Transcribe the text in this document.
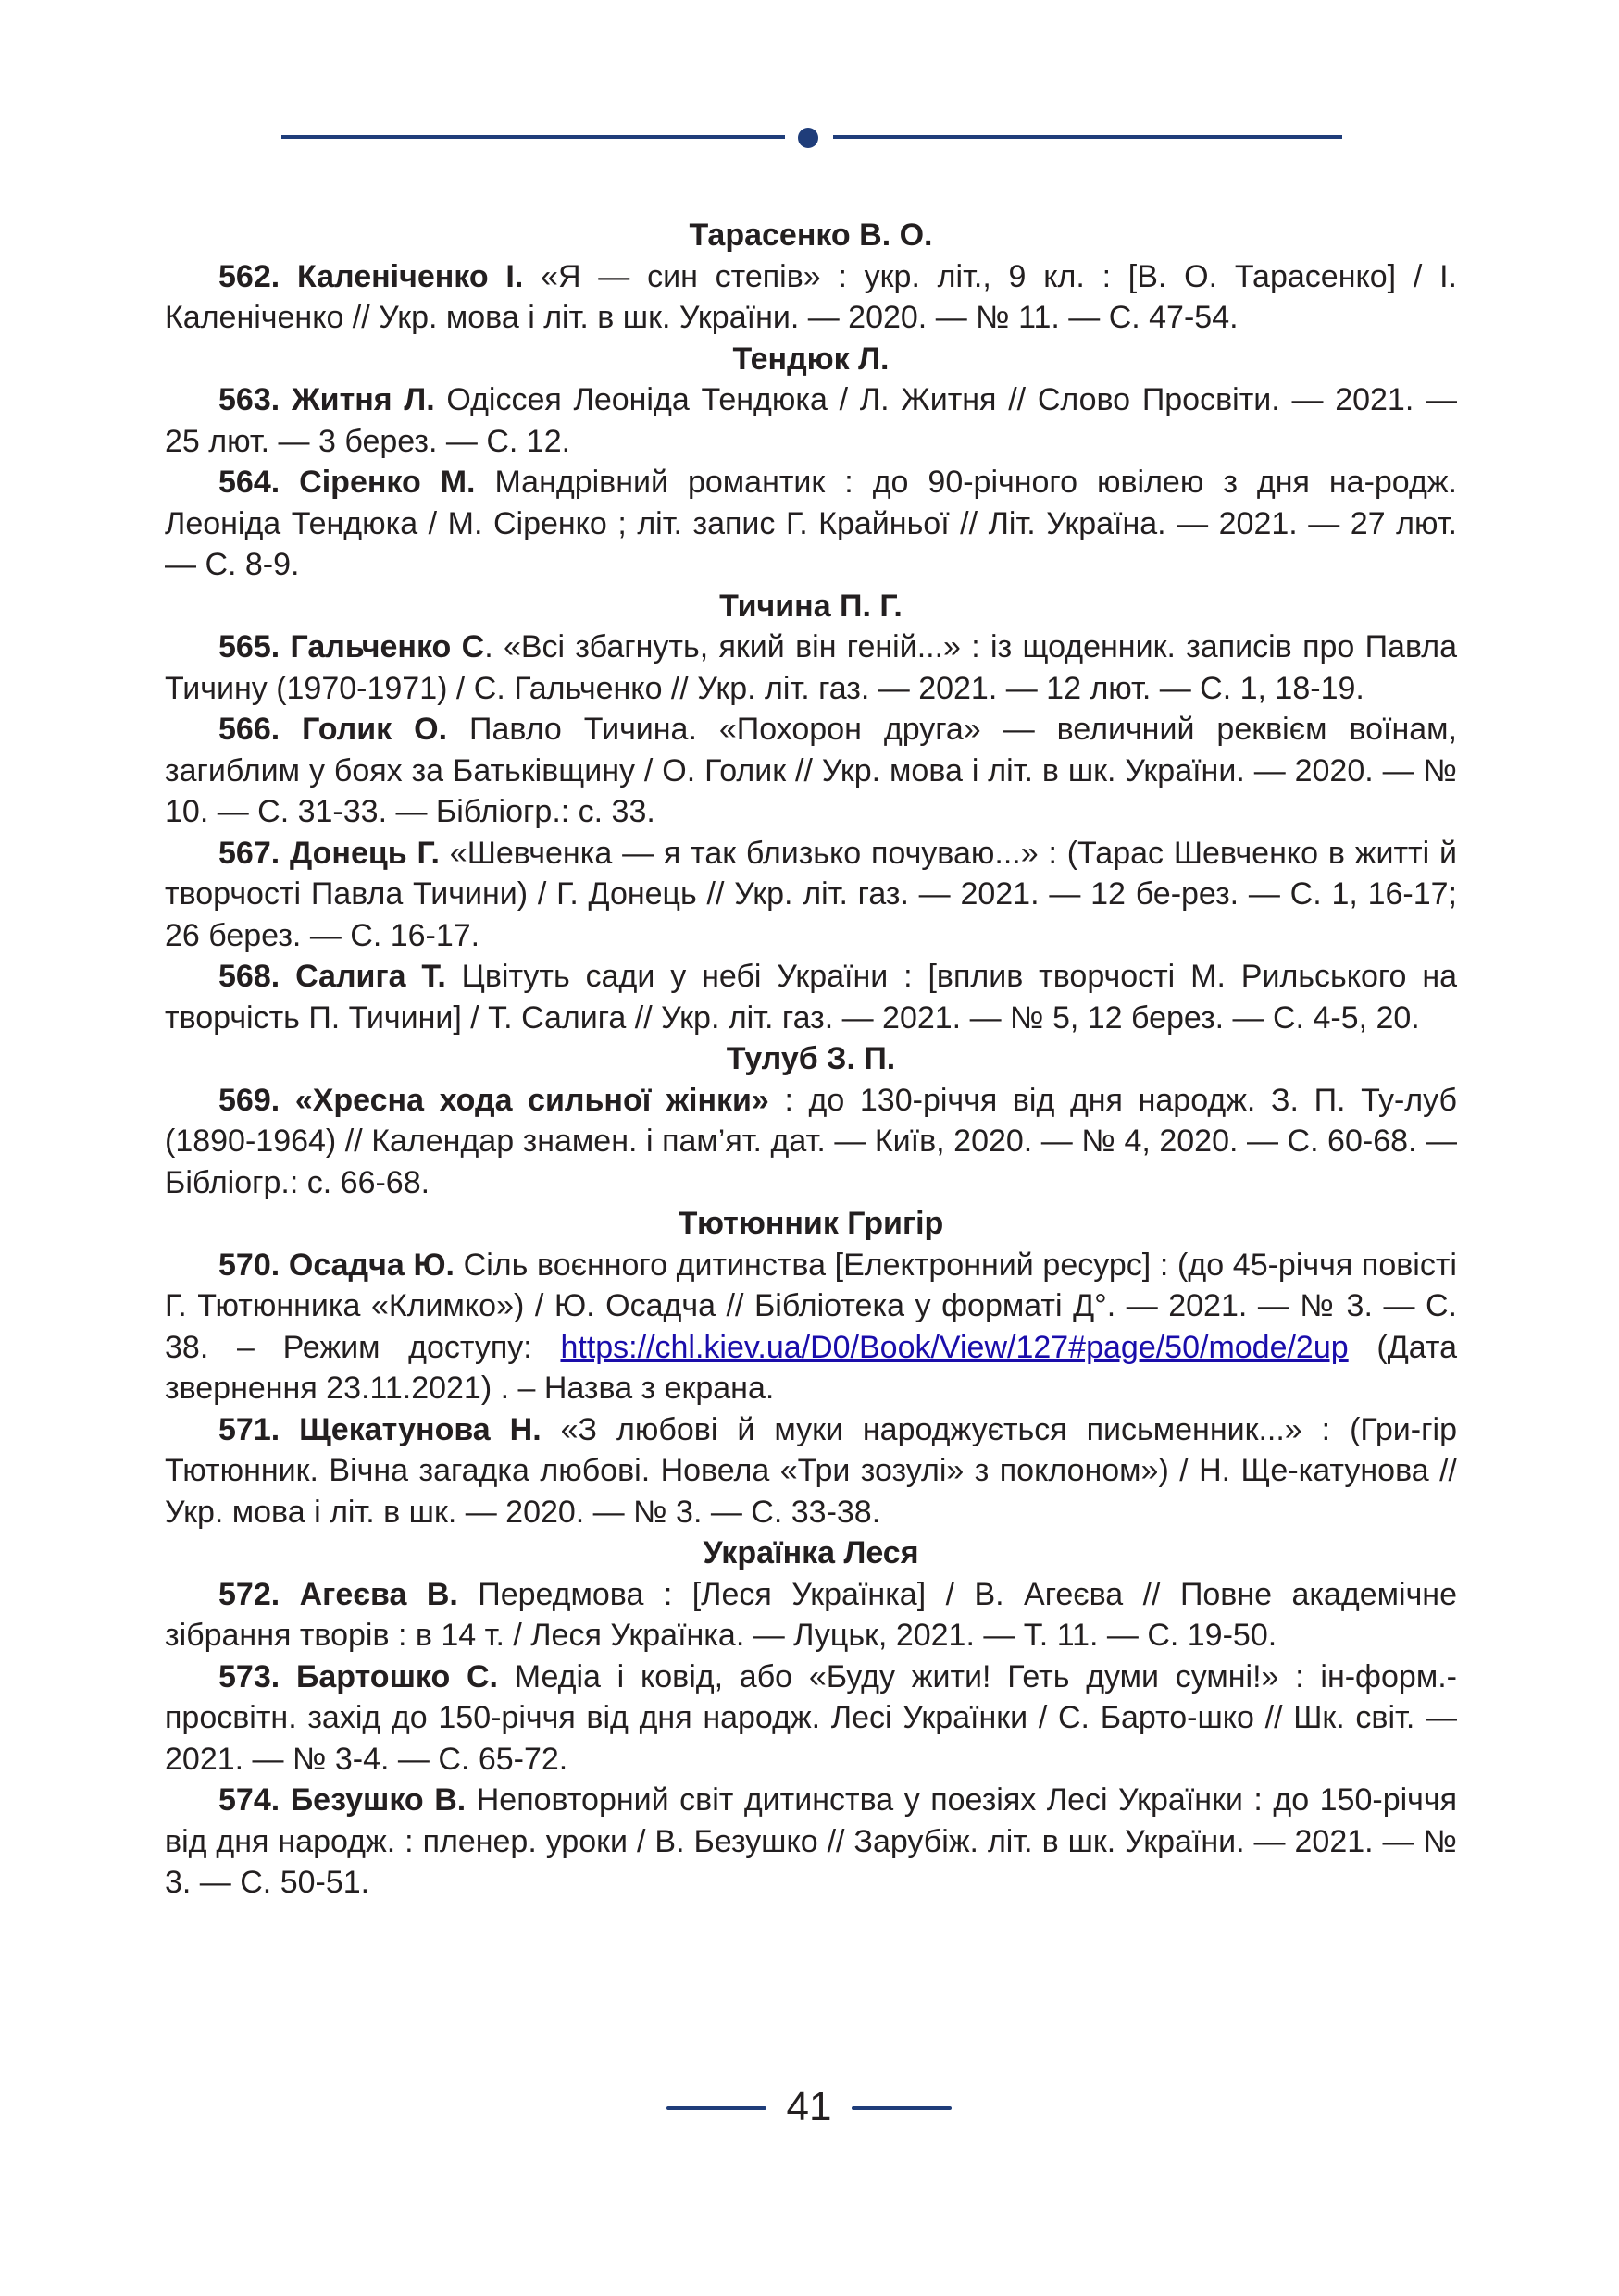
Тарасенко В. О.

562. Каленіченко І. «Я — син степів» : укр. літ., 9 кл. : [В. О. Тарасенко] / І. Каленіченко // Укр. мова і літ. в шк. України. — 2020. — № 11. — С. 47-54.

Тендюк Л.

563. Житня Л. Одіссея Леоніда Тендюка / Л. Житня // Слово Просвіти. — 2021. — 25 лют. — 3 берез. — С. 12.

564. Сіренко М. Мандрівний романтик : до 90-річного ювілею з дня на-родж. Леоніда Тендюка / М. Сіренко ; літ. запис Г. Крайньої // Літ. Україна. — 2021. — 27 лют. — С. 8-9.

Тичина П. Г.

565. Гальченко С. «Всі збагнуть, який він геній...» : із щоденник. записів про Павла Тичину (1970-1971) / С. Гальченко // Укр. літ. газ. — 2021. — 12 лют. — С. 1, 18-19.

566. Голик О. Павло Тичина. «Похорон друга» — величний реквієм воїнам, загиблим у боях за Батьківщину / О. Голик // Укр. мова і літ. в шк. України. — 2020. — № 10. — С. 31-33. — Бібліогр.: с. 33.

567. Донець Г. «Шевченка — я так близько почуваю...» : (Тарас Шевченко в житті й творчості Павла Тичини) / Г. Донець // Укр. літ. газ. — 2021. — 12 бе-рез. — С. 1, 16-17; 26 берез. — С. 16-17.

568. Салига Т. Цвітуть сади у небі України : [вплив творчості М. Рильського на творчість П. Тичини] / Т. Салига // Укр. літ. газ. — 2021. — № 5, 12 берез. — С. 4-5, 20.

Тулуб З. П.

569. «Хресна хода сильної жінки» : до 130-річчя від дня народж. З. П. Ту-луб (1890-1964) // Календар знамен. і пам’ят. дат. — Київ, 2020. — № 4, 2020. — С. 60-68. — Бібліогр.: с. 66-68.

Тютюнник Григір

570. Осадча Ю. Сіль воєнного дитинства [Електронний ресурс] : (до 45-річчя повісті Г. Тютюнника «Климко») / Ю. Осадча // Бібліотека у форматі Д°. — 2021. — № 3. — С. 38. – Режим доступу: https://chl.kiev.ua/D0/Book/View/127#page/50/mode/2up (Дата звернення 23.11.2021) . – Назва з екрана.

571. Щекатунова Н. «З любові й муки народжується письменник...» : (Гри-гір Тютюнник. Вічна загадка любові. Новела «Три зозулі» з поклоном») / Н. Ще-катунова // Укр. мова і літ. в шк. — 2020. — № 3. — С. 33-38.

Українка Леся

572. Агеєва В. Передмова : [Леся Українка] / В. Агеєва // Повне академічне зібрання творів : в 14 т. / Леся Українка. — Луцьк, 2021. — Т. 11. — С. 19-50.

573. Бартошко С. Медіа і ковід, або «Буду жити! Геть думи сумні!» : ін-форм.-просвітн. захід до 150-річчя від дня народж. Лесі Українки / С. Барто-шко // Шк. світ. — 2021. — № 3-4. — С. 65-72.

574. Безушко В. Неповторний світ дитинства у поезіях Лесі Українки : до 150-річчя від дня народж. : пленер. уроки / В. Безушко // Зарубіж. літ. в шк. України. — 2021. — № 3. — С. 50-51.

41
